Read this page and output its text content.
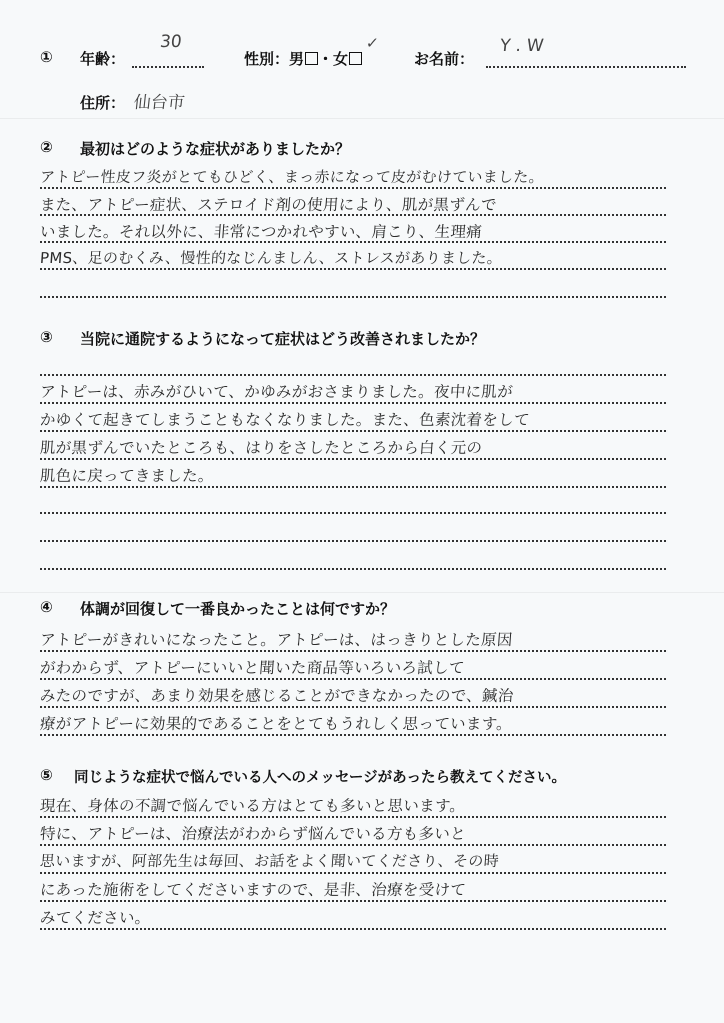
① 年齢：
30
性別：男 ・女
✓
お名前：
Y . W
住所： 仙台市
② 最初はどのような症状がありましたか？
アトピー性皮フ炎がとてもひどく、まっ赤になって皮がむけていました。
また、アトピー症状、ステロイド剤の使用により、肌が黒ずんで
いました。それ以外に、非常につかれやすい、肩こり、生理痛
PMS、足のむくみ、慢性的なじんましん、ストレスがありました。
③ 当院に通院するようになって症状はどう改善されましたか？
アトピーは、赤みがひいて、かゆみがおさまりました。夜中に肌が
かゆくて起きてしまうこともなくなりました。また、色素沈着をして
肌が黒ずんでいたところも、はりをさしたところから白く元の
肌色に戻ってきました。
④ 体調が回復して一番良かったことは何ですか？
アトピーがきれいになったこと。アトピーは、はっきりとした原因
がわからず、アトピーにいいと聞いた商品等いろいろ試して
みたのですが、あまり効果を感じることができなかったので、鍼治
療がアトピーに効果的であることをとてもうれしく思っています。
⑤ 同じような症状で悩んでいる人へのメッセージがあったら教えてください。
現在、身体の不調で悩んでいる方はとても多いと思います。
特に、アトピーは、治療法がわからず悩んでいる方も多いと
思いますが、阿部先生は毎回、お話をよく聞いてくださり、その時
にあった施術をしてくださいますので、是非、治療を受けて
みてください。
